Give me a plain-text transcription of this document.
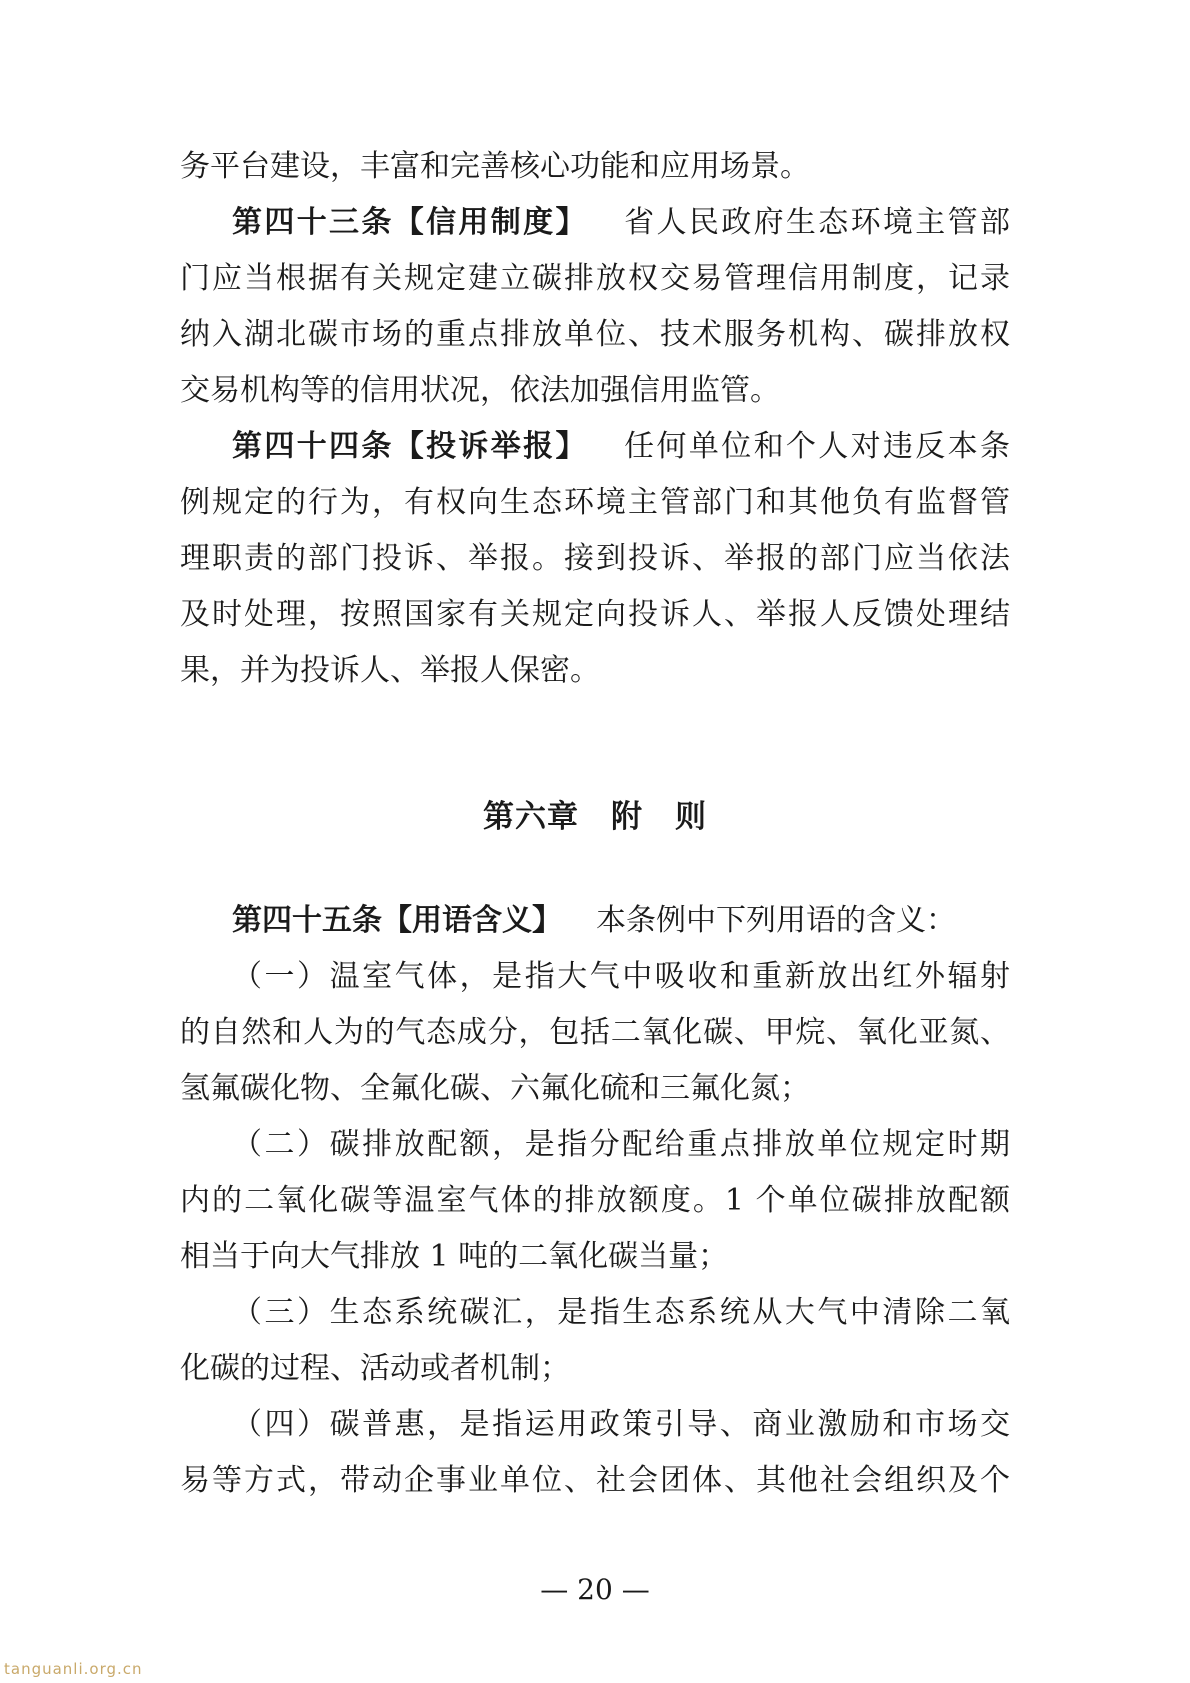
务平台建设，丰富和完善核心功能和应用场景。
第四十三条【信用制度】 省人民政府生态环境主管部
门应当根据有关规定建立碳排放权交易管理信用制度，记录
纳入湖北碳市场的重点排放单位、技术服务机构、碳排放权
交易机构等的信用状况，依法加强信用监管。
第四十四条【投诉举报】 任何单位和个人对违反本条
例规定的行为，有权向生态环境主管部门和其他负有监督管
理职责的部门投诉、举报。接到投诉、举报的部门应当依法
及时处理，按照国家有关规定向投诉人、举报人反馈处理结
果，并为投诉人、举报人保密。
第六章　附　则
第四十五条【用语含义】 本条例中下列用语的含义：
（一）温室气体，是指大气中吸收和重新放出红外辐射
的自然和人为的气态成分，包括二氧化碳、甲烷、氧化亚氮、
氢氟碳化物、全氟化碳、六氟化硫和三氟化氮；
（二）碳排放配额，是指分配给重点排放单位规定时期
内的二氧化碳等温室气体的排放额度。1 个单位碳排放配额
相当于向大气排放 1 吨的二氧化碳当量；
（三）生态系统碳汇，是指生态系统从大气中清除二氧
化碳的过程、活动或者机制；
（四）碳普惠，是指运用政策引导、商业激励和市场交
易等方式，带动企事业单位、社会团体、其他社会组织及个
— 20 —
tanguanli.org.cn
